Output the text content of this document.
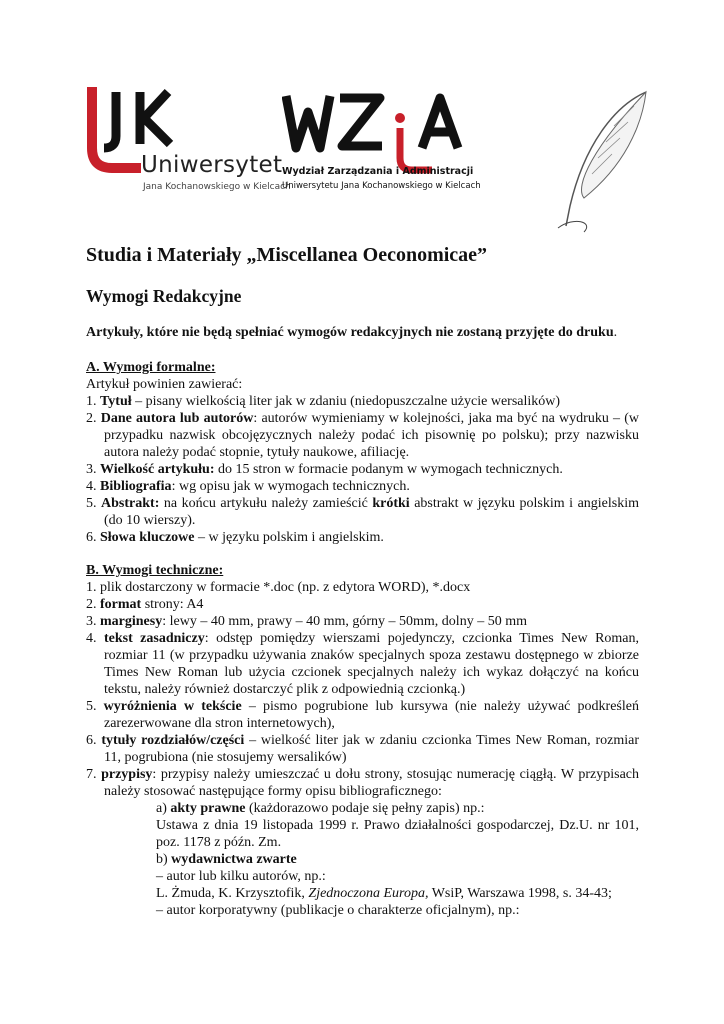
Uniwersytet
Jana Kochanowskiego w Kielcach
Wydział Zarządzania i Administracji
Uniwersytetu Jana Kochanowskiego w Kielcach
Studia i Materiały „Miscellanea Oeconomicae”
Wymogi Redakcyjne

Artykuły, które nie będą spełniać wymogów redakcyjnych nie zostaną przyjęte do druku.

A. Wymogi formalne:

Artykuł powinien zawierać:

1. Tytuł – pisany wielkością liter jak w zdaniu (niedopuszczalne użycie wersalików)

2. Dane autora lub autorów: autorów wymieniamy w kolejności, jaka ma być na wydruku – (w przypadku nazwisk obcojęzycznych należy podać ich pisownię po polsku); przy nazwisku autora należy podać stopnie, tytuły naukowe, afiliację.

3. Wielkość artykułu: do 15 stron w formacie podanym w wymogach technicznych.

4. Bibliografia: wg opisu jak w wymogach technicznych.

5. Abstrakt: na końcu artykułu należy zamieścić krótki abstrakt w języku polskim i angielskim (do 10 wierszy).

6. Słowa kluczowe – w języku polskim i angielskim.

B. Wymogi techniczne:

1. plik dostarczony w formacie *.doc (np. z edytora WORD), *.docx

2. format strony: A4

3. marginesy: lewy – 40 mm, prawy – 40 mm, górny – 50mm, dolny – 50 mm

4. tekst zasadniczy: odstęp pomiędzy wierszami pojedynczy, czcionka Times New Roman, rozmiar 11 (w przypadku używania znaków specjalnych spoza zestawu dostępnego w zbiorze Times New Roman lub użycia czcionek specjalnych należy ich wykaz dołączyć na końcu tekstu, należy również dostarczyć plik z odpowiednią czcionką.)

5. wyróżnienia w tekście – pismo pogrubione lub kursywa (nie należy używać podkreśleń zarezerwowane dla stron internetowych),

6. tytuły rozdziałów/części – wielkość liter jak w zdaniu czcionka Times New Roman, rozmiar 11, pogrubiona (nie stosujemy wersalików)

7. przypisy: przypisy należy umieszczać u dołu strony, stosując numerację ciągłą. W przypisach należy stosować następujące formy opisu bibliograficznego:

a) akty prawne (każdorazowo podaje się pełny zapis) np.:

Ustawa z dnia 19 listopada 1999 r. Prawo działalności gospodarczej, Dz.U. nr 101, poz. 1178 z późn. Zm.

b) wydawnictwa zwarte

– autor lub kilku autorów, np.:

L. Żmuda, K. Krzysztofik, Zjednoczona Europa, WsiP, Warszawa 1998, s. 34-43;

– autor korporatywny (publikacje o charakterze oficjalnym), np.:
